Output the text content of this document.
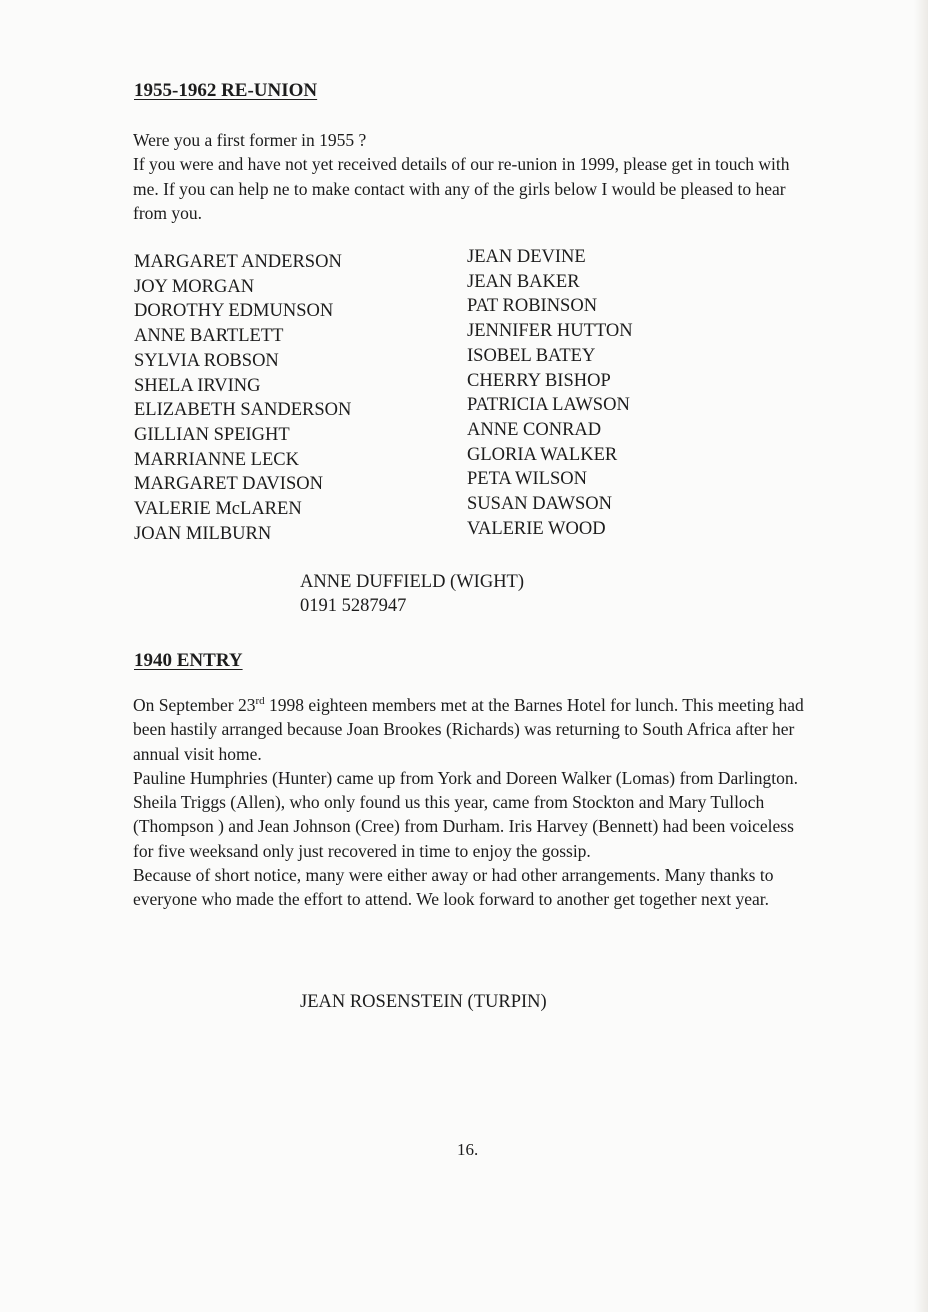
1955-1962 RE-UNION

Were you a first former in 1955 ?

If you were and have not yet received details of our re-union in 1999, please get in touch with me. If you can help ne to make contact with any of the girls below I would be pleased to hear from you.

MARGARET ANDERSON
JOY MORGAN
DOROTHY EDMUNSON
ANNE BARTLETT
SYLVIA ROBSON
SHELA IRVING
ELIZABETH SANDERSON
GILLIAN SPEIGHT
MARRIANNE LECK
MARGARET DAVISON
VALERIE McLAREN
JOAN MILBURN
JEAN DEVINE
JEAN BAKER
PAT ROBINSON
JENNIFER HUTTON
ISOBEL BATEY
CHERRY BISHOP
PATRICIA LAWSON
ANNE CONRAD
GLORIA WALKER
PETA WILSON
SUSAN DAWSON
VALERIE WOOD
ANNE DUFFIELD (WIGHT)
0191 5287947
1940 ENTRY

On September 23rd 1998 eighteen members met at the Barnes Hotel for lunch. This meeting had been hastily arranged because Joan Brookes (Richards) was returning to South Africa after her annual visit home.

Pauline Humphries (Hunter) came up from York and Doreen Walker (Lomas) from Darlington. Sheila Triggs (Allen), who only found us this year, came from Stockton and Mary Tulloch (Thompson ) and Jean Johnson (Cree) from Durham. Iris Harvey (Bennett) had been voiceless for five weeksand only just recovered in time to enjoy the gossip.

Because of short notice, many were either away or had other arrangements. Many thanks to everyone who made the effort to attend. We look forward to another get together next year.

JEAN ROSENSTEIN (TURPIN)
16.
